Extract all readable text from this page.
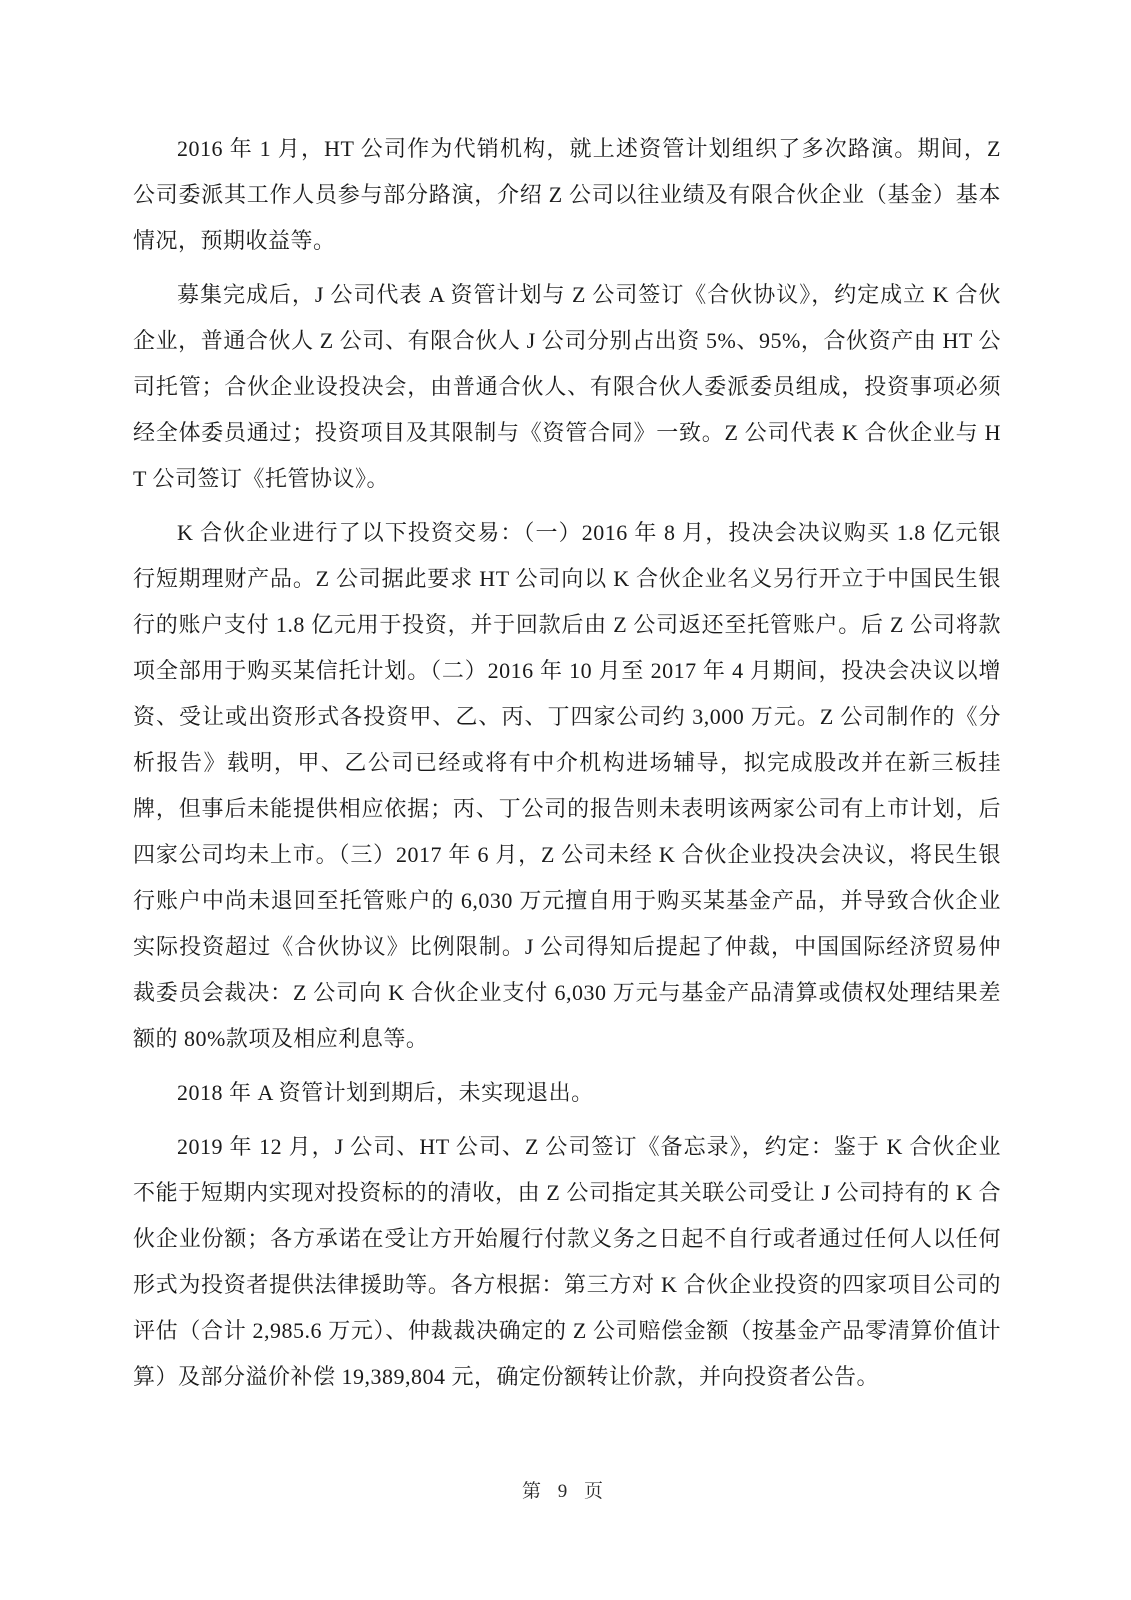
2016 年 1 月，HT 公司作为代销机构，就上述资管计划组织了多次路演。期间，Z 公司委派其工作人员参与部分路演，介绍 Z 公司以往业绩及有限合伙企业（基金）基本情况，预期收益等。

募集完成后，J 公司代表 A 资管计划与 Z 公司签订《合伙协议》，约定成立 K 合伙企业，普通合伙人 Z 公司、有限合伙人 J 公司分别占出资 5%、95%，合伙资产由 HT 公司托管；合伙企业设投决会，由普通合伙人、有限合伙人委派委员组成，投资事项必须经全体委员通过；投资项目及其限制与《资管合同》一致。Z 公司代表 K 合伙企业与 HT 公司签订《托管协议》。

K 合伙企业进行了以下投资交易：（一）2016 年 8 月，投决会决议购买 1.8 亿元银行短期理财产品。Z 公司据此要求 HT 公司向以 K 合伙企业名义另行开立于中国民生银行的账户支付 1.8 亿元用于投资，并于回款后由 Z 公司返还至托管账户。后 Z 公司将款项全部用于购买某信托计划。（二）2016 年 10 月至 2017 年 4 月期间，投决会决议以增资、受让或出资形式各投资甲、乙、丙、丁四家公司约 3,000 万元。Z 公司制作的《分析报告》载明，甲、乙公司已经或将有中介机构进场辅导，拟完成股改并在新三板挂牌，但事后未能提供相应依据；丙、丁公司的报告则未表明该两家公司有上市计划，后四家公司均未上市。（三）2017 年 6 月，Z 公司未经 K 合伙企业投决会决议，将民生银行账户中尚未退回至托管账户的 6,030 万元擅自用于购买某基金产品，并导致合伙企业实际投资超过《合伙协议》比例限制。J 公司得知后提起了仲裁，中国国际经济贸易仲裁委员会裁决：Z 公司向 K 合伙企业支付 6,030 万元与基金产品清算或债权处理结果差额的 80%款项及相应利息等。

2018 年 A 资管计划到期后，未实现退出。

2019 年 12 月，J 公司、HT 公司、Z 公司签订《备忘录》，约定：鉴于 K 合伙企业不能于短期内实现对投资标的的清收，由 Z 公司指定其关联公司受让 J 公司持有的 K 合伙企业份额；各方承诺在受让方开始履行付款义务之日起不自行或者通过任何人以任何形式为投资者提供法律援助等。各方根据：第三方对 K 合伙企业投资的四家项目公司的评估（合计 2,985.6 万元）、仲裁裁决确定的 Z 公司赔偿金额（按基金产品零清算价值计算）及部分溢价补偿 19,389,804 元，确定份额转让价款，并向投资者公告。

第 9 页
